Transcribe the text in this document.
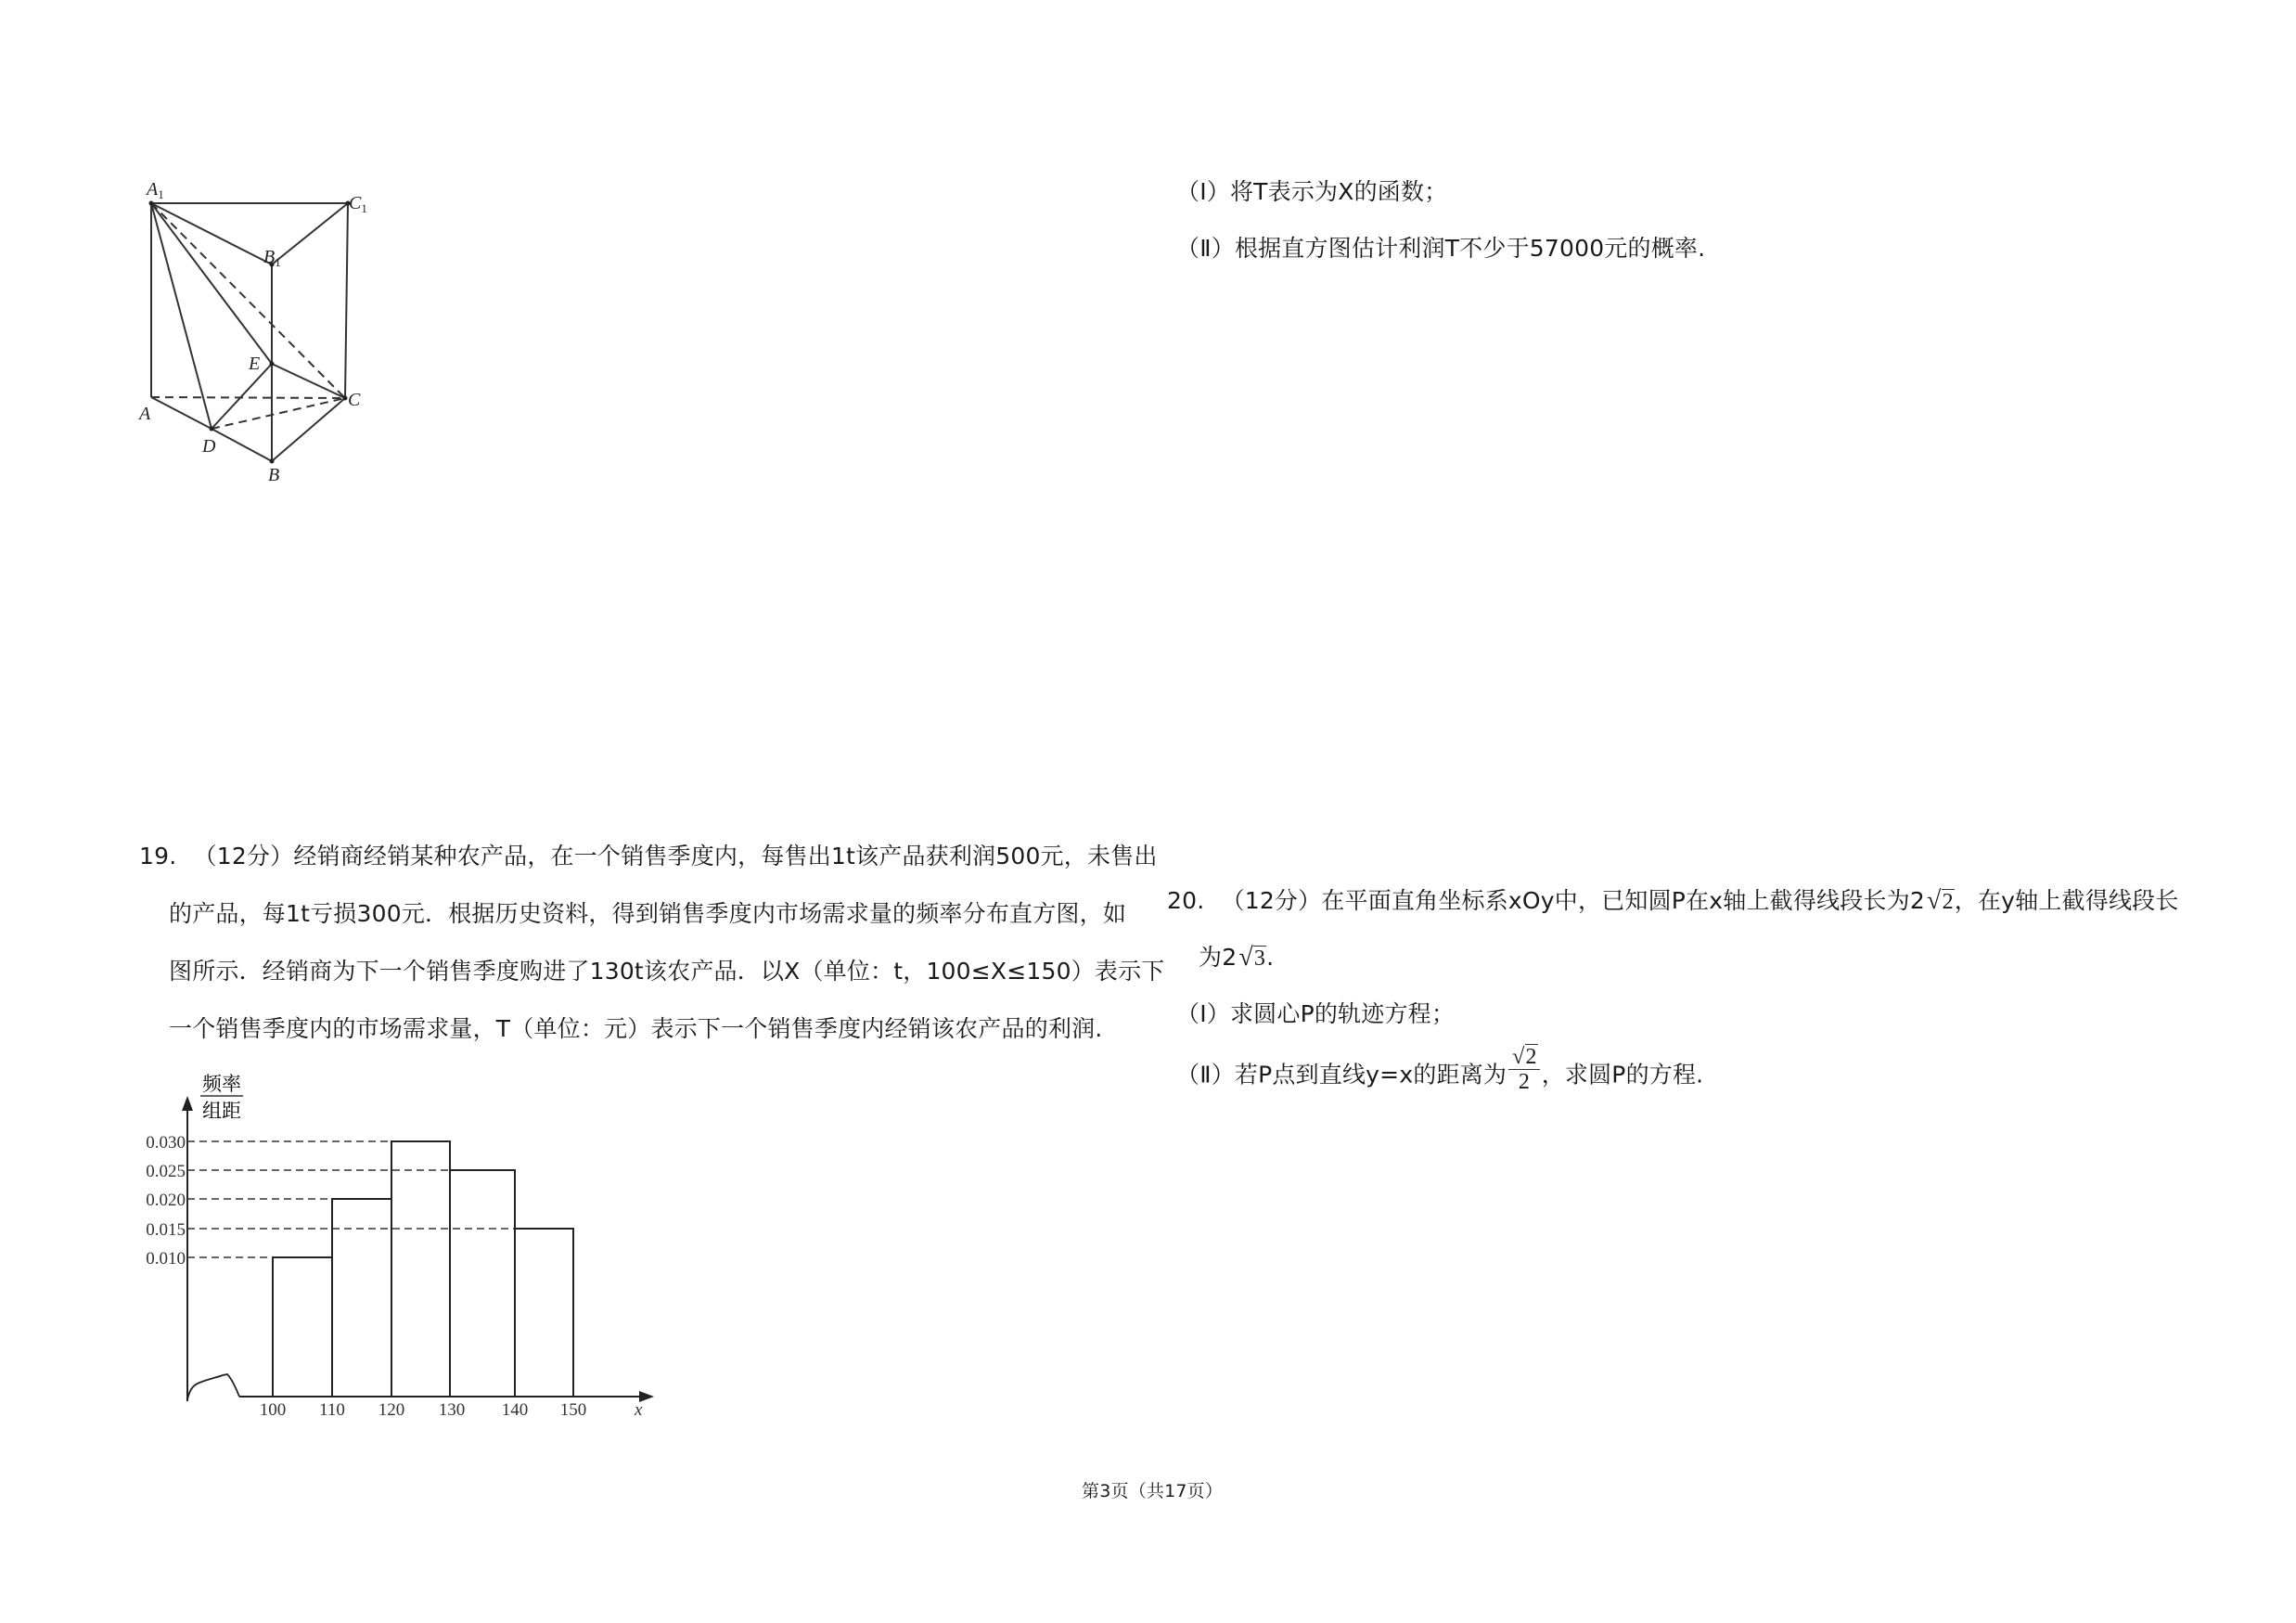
$A_1$	$C_1$
$B_1$
E
A
C
D
B
（Ⅰ）将T表示为X的函数；
（Ⅱ）根据直方图估计利润T不少于57000元的概率.
19. （12分）经销商经销某种农产品，在一个销售季度内，每售出1t该产品获利润500元，未售出
的产品，每1t亏损300元．根据历史资料，得到销售季度内市场需求量的频率分布直方图，如
图所示．经销商为下一个销售季度购进了130t该农产品．以X（单位：t，100≤X≤150）表示下
一个销售季度内的市场需求量，T（单位：元）表示下一个销售季度内经销该农产品的利润.
频率
组距
0.030
0.025
0.020
0.015
0.010
100 110 120 130 140 150	x
20. （12分）在平面直角坐标系xOy中，已知圆P在x轴上截得线段长为2√2，在y轴上截得线段长
为2√3.
（Ⅰ）求圆心P的轨迹方程；
（Ⅱ）若P点到直线y=x的距离为 $\frac{√2}{2}$ ，求圆P的方程.
第3页（共17页）
